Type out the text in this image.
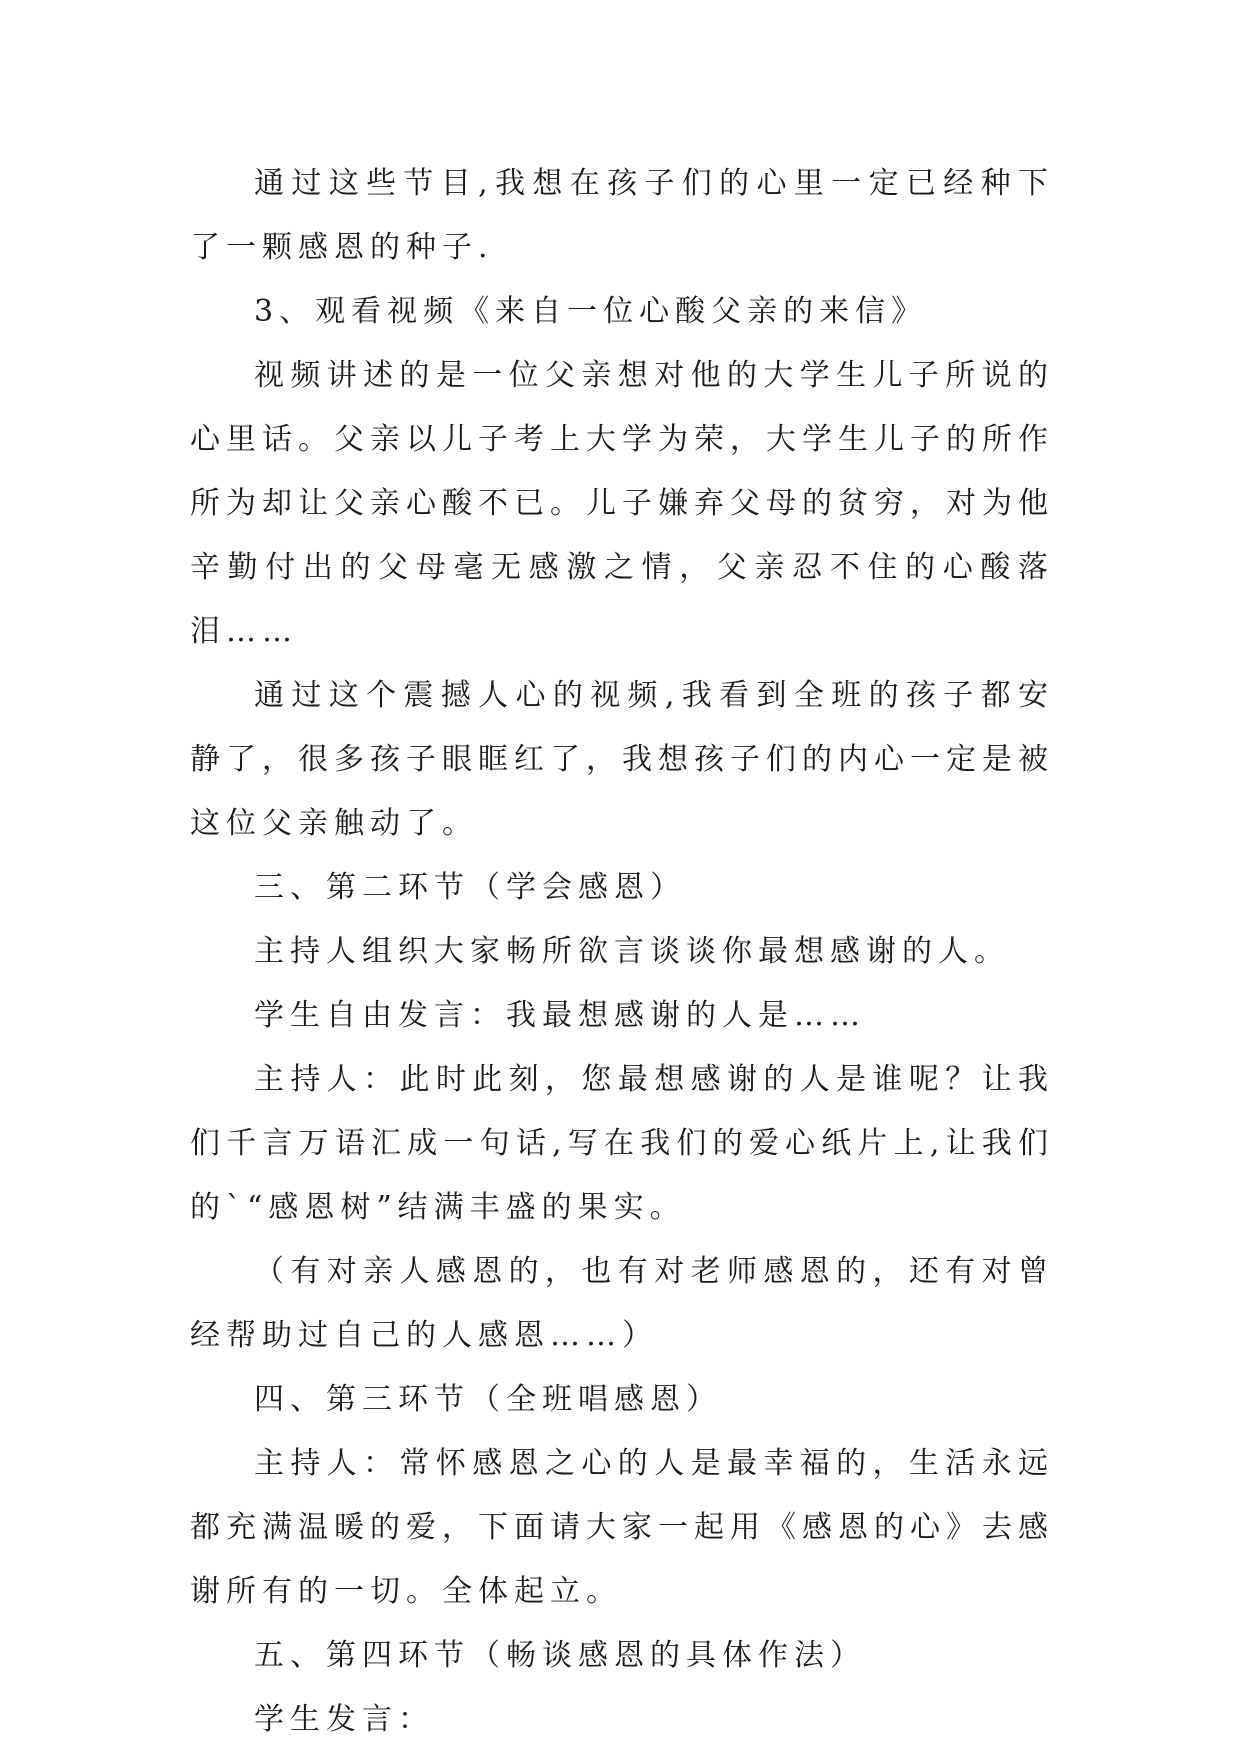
通过这些节目,我想在孩子们的心里一定已经种下了一颗感恩的种子.

3、观看视频《来自一位心酸父亲的来信》

视频讲述的是一位父亲想对他的大学生儿子所说的心里话。父亲以儿子考上大学为荣，大学生儿子的所作所为却让父亲心酸不已。儿子嫌弃父母的贫穷，对为他辛勤付出的父母毫无感激之情，父亲忍不住的心酸落泪……

通过这个震撼人心的视频,我看到全班的孩子都安静了，很多孩子眼眶红了，我想孩子们的内心一定是被这位父亲触动了。

三、第二环节（学会感恩）

主持人组织大家畅所欲言谈谈你最想感谢的人。

学生自由发言：我最想感谢的人是……

主持人：此时此刻，您最想感谢的人是谁呢？让我们千言万语汇成一句话,写在我们的爱心纸片上,让我们的`“感恩树”结满丰盛的果实。

（有对亲人感恩的，也有对老师感恩的，还有对曾经帮助过自己的人感恩……）

四、第三环节（全班唱感恩）

主持人：常怀感恩之心的人是最幸福的，生活永远都充满温暖的爱，下面请大家一起用《感恩的心》去感谢所有的一切。全体起立。

五、第四环节（畅谈感恩的具体作法）

学生发言：
